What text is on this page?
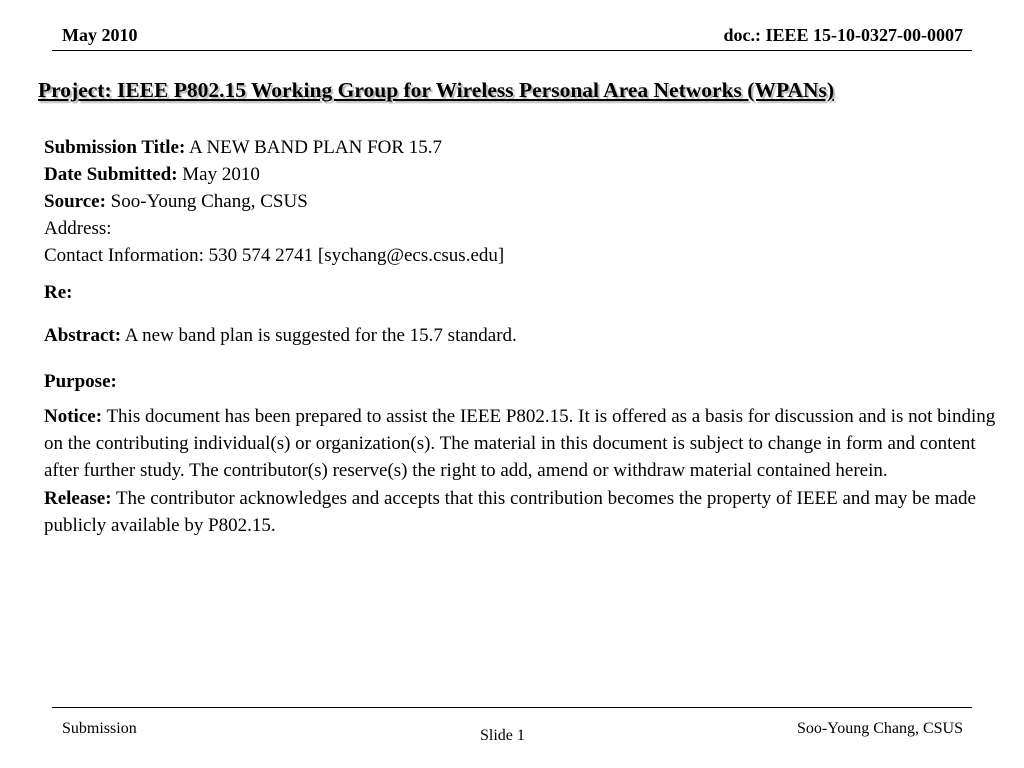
May 2010	doc.: IEEE 15-10-0327-00-0007
Project: IEEE P802.15 Working Group for Wireless Personal Area Networks (WPANs)
Submission Title: A NEW BAND PLAN FOR 15.7
Date Submitted: May 2010
Source: Soo-Young Chang, CSUS
Address:
Contact Information: 530 574 2741 [sychang@ecs.csus.edu]
Re:
Abstract: A new band plan is suggested for the 15.7 standard.
Purpose:
Notice: This document has been prepared to assist the IEEE P802.15. It is offered as a basis for discussion and is not binding on the contributing individual(s) or organization(s). The material in this document is subject to change in form and content after further study. The contributor(s) reserve(s) the right to add, amend or withdraw material contained herein.
Release: The contributor acknowledges and accepts that this contribution becomes the property of IEEE and may be made publicly available by P802.15.
Submission	Slide 1	Soo-Young Chang, CSUS
